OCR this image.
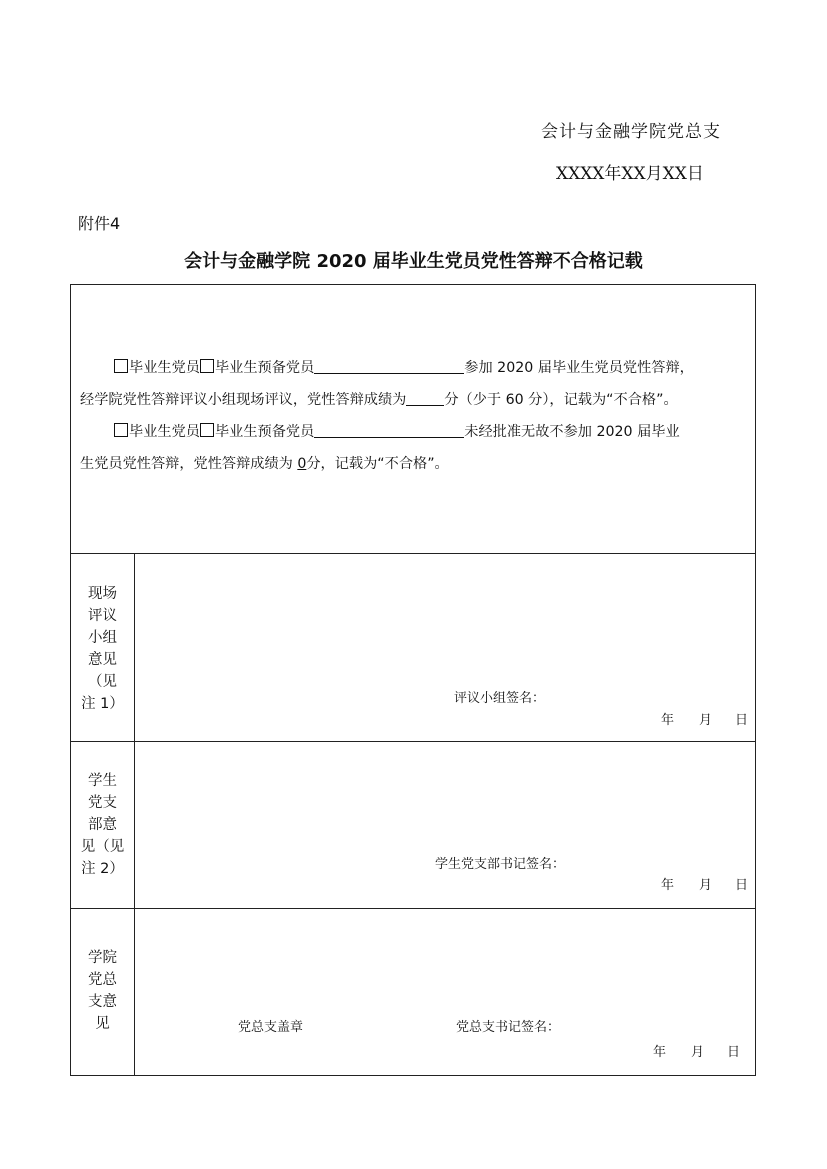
会计与金融学院党总支
XXXX年XX月XX日
附件4
会计与金融学院 2020 届毕业生党员党性答辩不合格记载
毕业生党员 毕业生预备党员	参加 2020 届毕业生党员党性答辩，
经学院党性答辩评议小组现场评议，党性答辩成绩为	分（少于 60 分），记载为“不合格”。
毕业生党员 毕业生预备党员	未经批准无故不参加 2020 届毕业
生党员党性答辩，党性答辩成绩为 0分，记载为“不合格”。
现场
评议
小组
意见
（见
注 1）	评议小组签名：
年 月 日
学生
党支
部意
见（见
注 2）	学生党支部书记签名：
年 月 日
学院
党总
支意
见	党总支盖章	党总支书记签名：
年 月 日
